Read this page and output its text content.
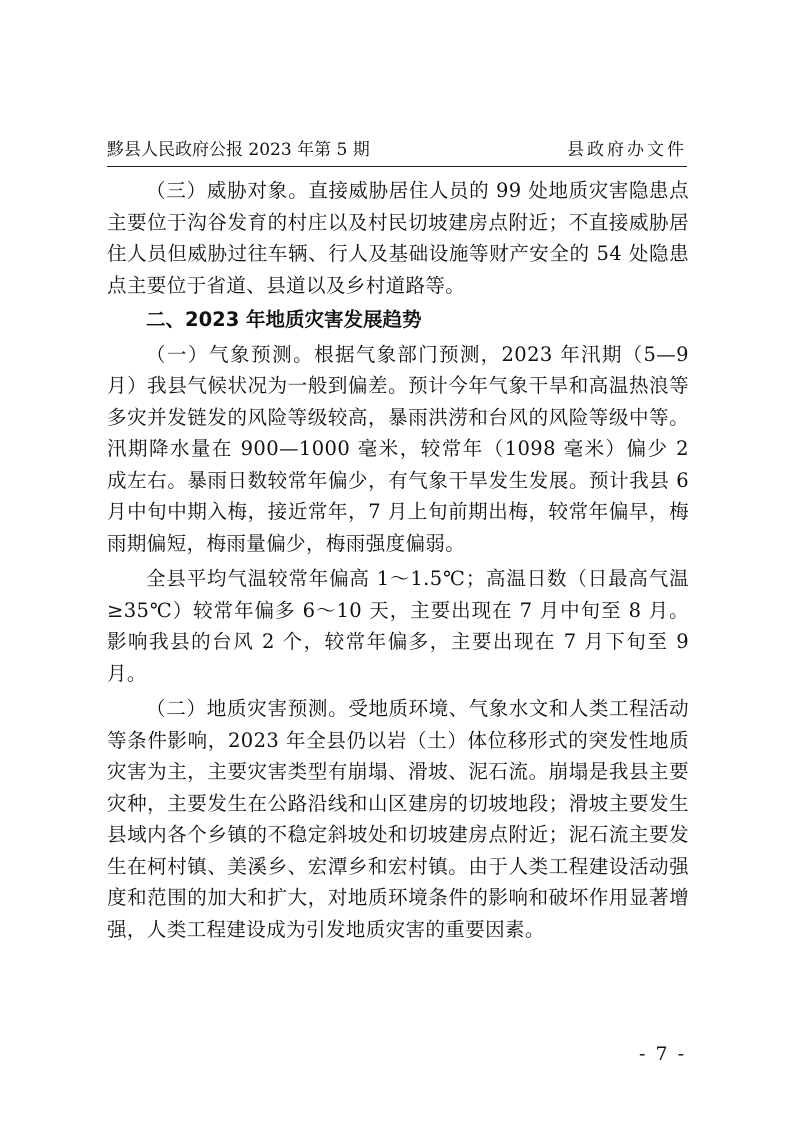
黟县人民政府公报 2023 年第 5 期	县政府办文件

（三）威胁对象。直接威胁居住人员的 99 处地质灾害隐患点主要位于沟谷发育的村庄以及村民切坡建房点附近；不直接威胁居住人员但威胁过往车辆、行人及基础设施等财产安全的 54 处隐患点主要位于省道、县道以及乡村道路等。

二、2023 年地质灾害发展趋势

（一）气象预测。根据气象部门预测，2023 年汛期（5—9 月）我县气候状况为一般到偏差。预计今年气象干旱和高温热浪等多灾并发链发的风险等级较高，暴雨洪涝和台风的风险等级中等。汛期降水量在 900—1000 毫米，较常年（1098 毫米）偏少 2 成左右。暴雨日数较常年偏少，有气象干旱发生发展。预计我县 6 月中旬中期入梅，接近常年，7 月上旬前期出梅，较常年偏早，梅雨期偏短，梅雨量偏少，梅雨强度偏弱。

全县平均气温较常年偏高 1～1.5℃；高温日数（日最高气温≥35℃）较常年偏多 6～10 天，主要出现在 7 月中旬至 8 月。影响我县的台风 2 个，较常年偏多，主要出现在 7 月下旬至 9 月。

（二）地质灾害预测。受地质环境、气象水文和人类工程活动等条件影响，2023 年全县仍以岩（土）体位移形式的突发性地质灾害为主，主要灾害类型有崩塌、滑坡、泥石流。崩塌是我县主要灾种，主要发生在公路沿线和山区建房的切坡地段；滑坡主要发生县域内各个乡镇的不稳定斜坡处和切坡建房点附近；泥石流主要发生在柯村镇、美溪乡、宏潭乡和宏村镇。由于人类工程建设活动强度和范围的加大和扩大，对地质环境条件的影响和破坏作用显著增强，人类工程建设成为引发地质灾害的重要因素。

- 7 -
